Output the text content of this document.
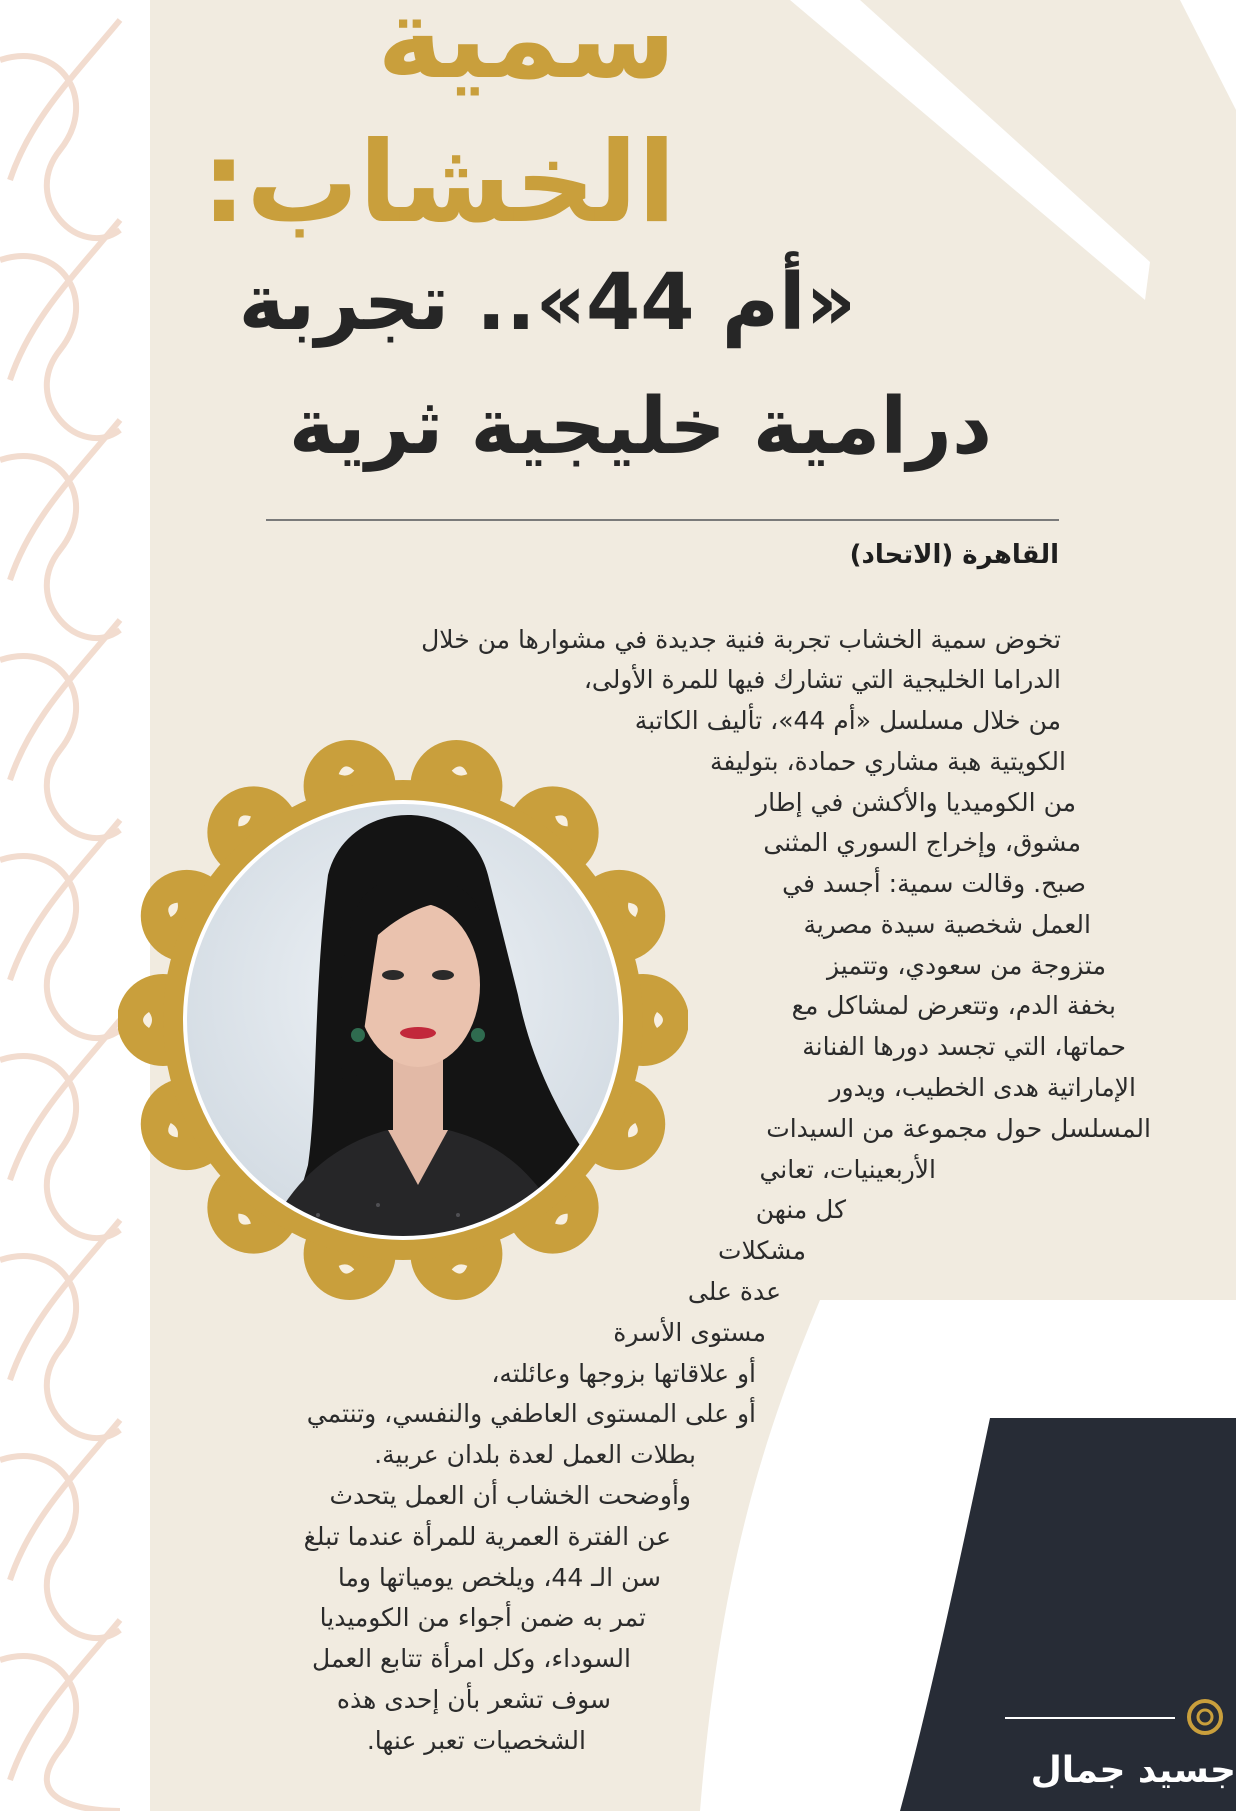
سمية
الخشاب:
«أم 44».. تجربة
درامية خليجية ثرية
القاهرة (الاتحاد)
تخوض سمية الخشاب تجربة فنية جديدة في مشوارها من خلال
الدراما الخليجية التي تشارك فيها للمرة الأولى،
من خلال مسلسل «أم 44»، تأليف الكاتبة
الكويتية هبة مشاري حمادة، بتوليفة
من الكوميديا والأكشن في إطار
مشوق، وإخراج السوري المثنى
صبح. وقالت سمية: أجسد في
العمل شخصية سيدة مصرية
متزوجة من سعودي، وتتميز
بخفة الدم، وتتعرض لمشاكل مع
حماتها، التي تجسد دورها الفنانة
الإماراتية هدى الخطيب، ويدور
المسلسل حول مجموعة من السيدات
الأربعينيات، تعاني
كل منهن
مشكلات
عدة على
مستوى الأسرة
أو علاقاتها بزوجها وعائلته،
أو على المستوى العاطفي والنفسي، وتنتمي
بطلات العمل لعدة بلدان عربية.
وأوضحت الخشاب أن العمل يتحدث
عن الفترة العمرية للمرأة عندما تبلغ
سن الـ 44، ويلخص يومياتها وما
تمر به ضمن أجواء من الكوميديا
السوداء، وكل امرأة تتابع العمل
سوف تشعر بأن إحدى هذه
الشخصيات تعبر عنها.
جسيد جمال
